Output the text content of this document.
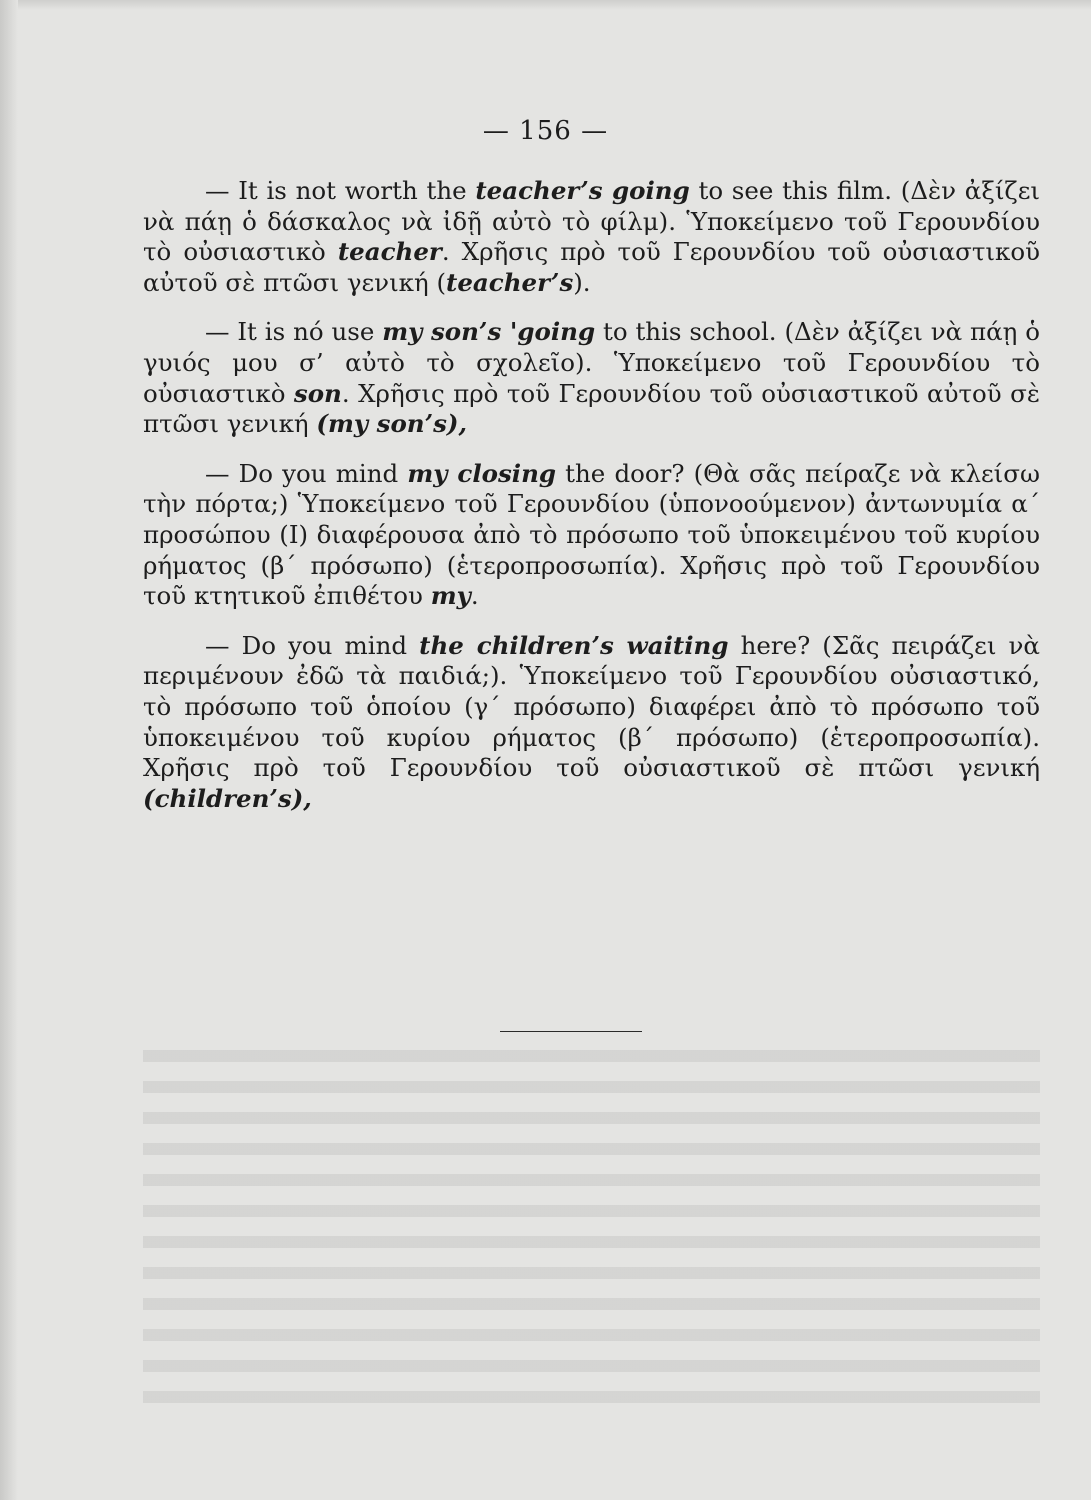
— 156 —

— It is not worth the teacher’s going to see this film. (Δὲν ἀξίζει νὰ πάῃ ὁ δάσκαλος νὰ ἰδῇ αὐτὸ τὸ φίλμ). Ὑποκείμενο τοῦ Γερουνδίου τὸ οὐσιαστικὸ teacher. Χρῆσις πρὸ τοῦ Γερουνδίου τοῦ οὐσιαστικοῦ αὐτοῦ σὲ πτῶσι γενική (teacher’s).

— It is nó use my son’s 'going to this school. (Δὲν ἀξίζει νὰ πάῃ ὁ γυιός μου σ’ αὐτὸ τὸ σχολεῖο). Ὑποκείμενο τοῦ Γερουνδίου τὸ οὐσιαστικὸ son. Χρῆσις πρὸ τοῦ Γερουνδίου τοῦ οὐσιαστικοῦ αὐτοῦ σὲ πτῶσι γενική (my son’s),

— Do you mind my closing the door? (Θὰ σᾶς πείραζε νὰ κλείσω τὴν πόρτα;) Ὑποκείμενο τοῦ Γερουνδίου (ὑπονοούμενον) ἀντωνυμία α΄ προσώπου (I) διαφέρουσα ἀπὸ τὸ πρόσωπο τοῦ ὑποκειμένου τοῦ κυρίου ρήματος (β΄ πρόσωπο) (ἑτεροπροσωπία). Χρῆσις πρὸ τοῦ Γερουνδίου τοῦ κτητικοῦ ἐπιθέτου my.

— Do you mind the children’s waiting here? (Σᾶς πειράζει νὰ περιμένουν ἐδῶ τὰ παιδιά;). Ὑποκείμενο τοῦ Γερουνδίου οὐσιαστικό, τὸ πρόσωπο τοῦ ὁποίου (γ΄ πρόσωπο) διαφέρει ἀπὸ τὸ πρόσωπο τοῦ ὑποκειμένου τοῦ κυρίου ρήματος (β΄ πρόσωπο) (ἑτεροπροσωπία). Χρῆσις πρὸ τοῦ Γερουνδίου τοῦ οὐσιαστικοῦ σὲ πτῶσι γενική (children’s),
